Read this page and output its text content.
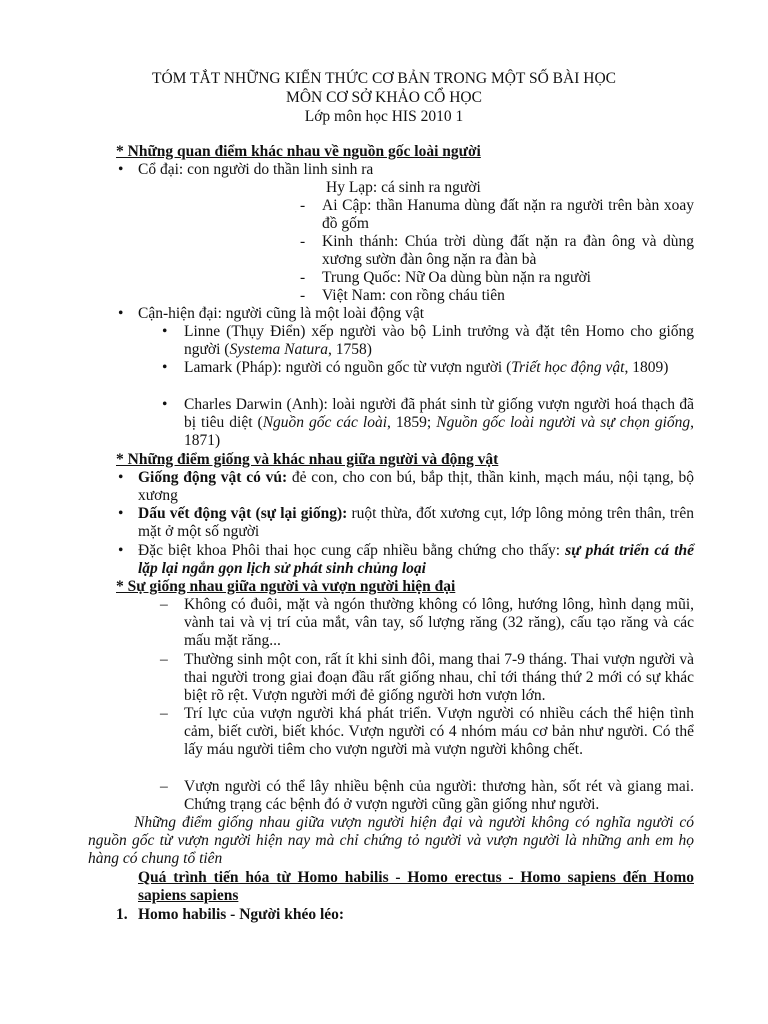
TÓM TẮT NHỮNG KIẾN THỨC CƠ BẢN TRONG MỘT SỐ BÀI HỌC
MÔN CƠ SỞ KHẢO CỔ HỌC
Lớp môn học HIS 2010 1
* Những quan điểm khác nhau về nguồn gốc loài người
• Cổ đại: con người do thần linh sinh ra
Hy Lạp: cá sinh ra người
- Ai Cập: thần Hanuma dùng đất nặn ra người trên bàn xoay đồ gốm
- Kinh thánh: Chúa trời dùng đất nặn ra đàn ông và dùng xương sườn đàn ông nặn ra đàn bà
- Trung Quốc: Nữ Oa dùng bùn nặn ra người
- Việt Nam: con rồng cháu tiên
• Cận-hiện đại: người cũng là một loài động vật
• Linne (Thụy Điển) xếp người vào bộ Linh trưởng và đặt tên Homo cho giống người (Systema Natura, 1758)
• Lamark (Pháp): người có nguồn gốc từ vượn người (Triết học động vật, 1809)
• Charles Darwin (Anh): loài người đã phát sinh từ giống vượn người hoá thạch đã bị tiêu diệt (Nguồn gốc các loài, 1859; Nguồn gốc loài người và sự chọn giống, 1871)
* Những điểm giống và khác nhau giữa người và động vật
• Giống động vật có vú: đẻ con, cho con bú, bắp thịt, thần kinh, mạch máu, nội tạng, bộ xương
• Dấu vết động vật (sự lại giống): ruột thừa, đốt xương cụt, lớp lông mỏng trên thân, trên mặt ở một số người
• Đặc biệt khoa Phôi thai học cung cấp nhiều bằng chứng cho thấy: sự phát triển cá thể lặp lại ngắn gọn lịch sử phát sinh chủng loại
* Sự giống nhau giữa người và vượn người hiện đại
– Không có đuôi, mặt và ngón thường không có lông, hướng lông, hình dạng mũi, vành tai và vị trí của mắt, vân tay, số lượng răng (32 răng), cấu tạo răng và các mấu mặt răng...
– Thường sinh một con, rất ít khi sinh đôi, mang thai 7-9 tháng. Thai vượn người và thai người trong giai đoạn đầu rất giống nhau, chỉ tới tháng thứ 2 mới có sự khác biệt rõ rệt. Vượn người mới đẻ giống người hơn vượn lớn.
– Trí lực của vượn người khá phát triển. Vượn người có nhiều cách thể hiện tình cảm, biết cười, biết khóc. Vượn người có 4 nhóm máu cơ bản như người. Có thể lấy máu người tiêm cho vượn người mà vượn người không chết.
– Vượn người có thể lây nhiều bệnh của người: thương hàn, sốt rét và giang mai. Chứng trạng các bệnh đó ở vượn người cũng gần giống như người.
Những điểm giống nhau giữa vượn người hiện đại và người không có nghĩa người có nguồn gốc từ vượn người hiện nay mà chỉ chứng tỏ người và vượn người là những anh em họ hàng có chung tổ tiên
Quá trình tiến hóa từ Homo habilis - Homo erectus - Homo sapiens đến Homo sapiens sapiens
1. Homo habilis - Người khéo léo:
